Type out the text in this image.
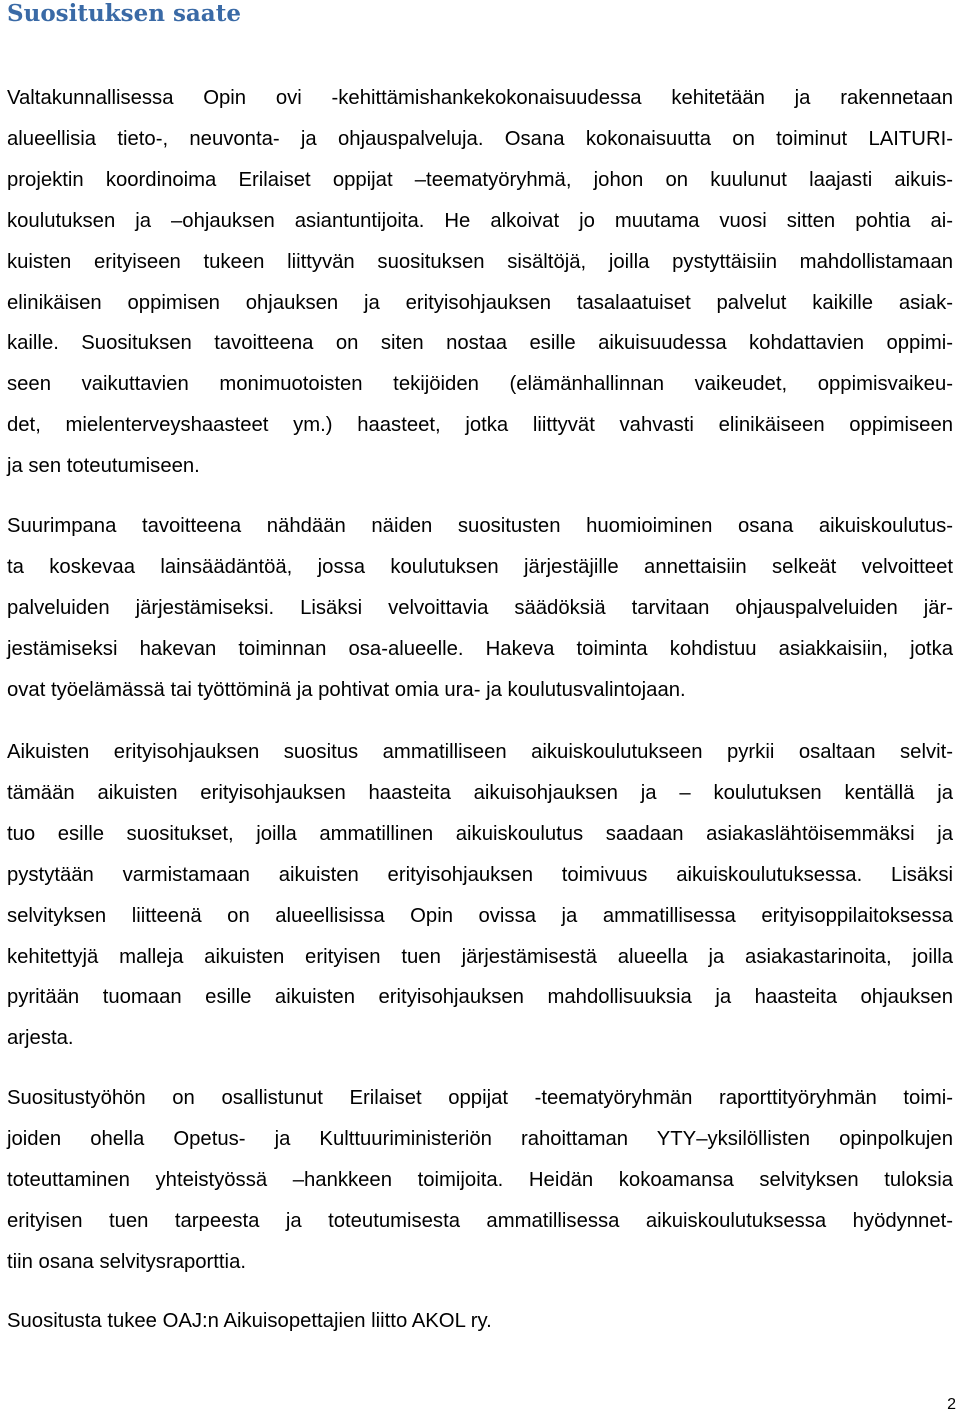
Suosituksen saate

Valtakunnallisessa Opin ovi -kehittämishankekokonaisuudessa kehitetään ja rakennetaan
alueellisia tieto-, neuvonta- ja ohjauspalveluja. Osana kokonaisuutta on toiminut LAITURI-
projektin koordinoima Erilaiset oppijat –teematyöryhmä, johon on kuulunut laajasti aikuis-
koulutuksen ja –ohjauksen asiantuntijoita. He alkoivat jo muutama vuosi sitten pohtia ai-
kuisten erityiseen tukeen liittyvän suosituksen sisältöjä, joilla pystyttäisiin mahdollistamaan
elinikäisen oppimisen ohjauksen ja erityisohjauksen tasalaatuiset palvelut kaikille asiak-
kaille. Suosituksen tavoitteena on siten nostaa esille aikuisuudessa kohdattavien oppimi-
seen vaikuttavien monimuotoisten tekijöiden (elämänhallinnan vaikeudet, oppimisvaikeu-
det, mielenterveyshaasteet ym.) haasteet, jotka liittyvät vahvasti elinikäiseen oppimiseen
ja sen toteutumiseen.

Suurimpana tavoitteena nähdään näiden suositusten huomioiminen osana aikuiskoulutus-
ta koskevaa lainsäädäntöä, jossa koulutuksen järjestäjille annettaisiin selkeät velvoitteet
palveluiden järjestämiseksi. Lisäksi velvoittavia säädöksiä tarvitaan ohjauspalveluiden jär-
jestämiseksi hakevan toiminnan osa-alueelle. Hakeva toiminta kohdistuu asiakkaisiin, jotka
ovat työelämässä tai työttöminä ja pohtivat omia ura- ja koulutusvalintojaan.

Aikuisten erityisohjauksen suositus ammatilliseen aikuiskoulutukseen pyrkii osaltaan selvit-
tämään aikuisten erityisohjauksen haasteita aikuisohjauksen ja – koulutuksen kentällä ja
tuo esille suositukset, joilla ammatillinen aikuiskoulutus saadaan asiakaslähtöisemmäksi ja
pystytään varmistamaan aikuisten erityisohjauksen toimivuus aikuiskoulutuksessa. Lisäksi
selvityksen liitteenä on alueellisissa Opin ovissa ja ammatillisessa erityisoppilaitoksessa
kehitettyjä malleja aikuisten erityisen tuen järjestämisestä alueella ja asiakastarinoita, joilla
pyritään tuomaan esille aikuisten erityisohjauksen mahdollisuuksia ja haasteita ohjauksen
arjesta.

Suositustyöhön on osallistunut Erilaiset oppijat -teematyöryhmän raporttityöryhmän toimi-
joiden ohella Opetus- ja Kulttuuriministeriön rahoittaman YTY–yksilöllisten opinpolkujen
toteuttaminen yhteistyössä –hankkeen toimijoita. Heidän kokoamansa selvityksen tuloksia
erityisen tuen tarpeesta ja toteutumisesta ammatillisessa aikuiskoulutuksessa hyödynnet-
tiin osana selvitysraporttia.

Suositusta tukee OAJ:n Aikuisopettajien liitto AKOL ry.

2
